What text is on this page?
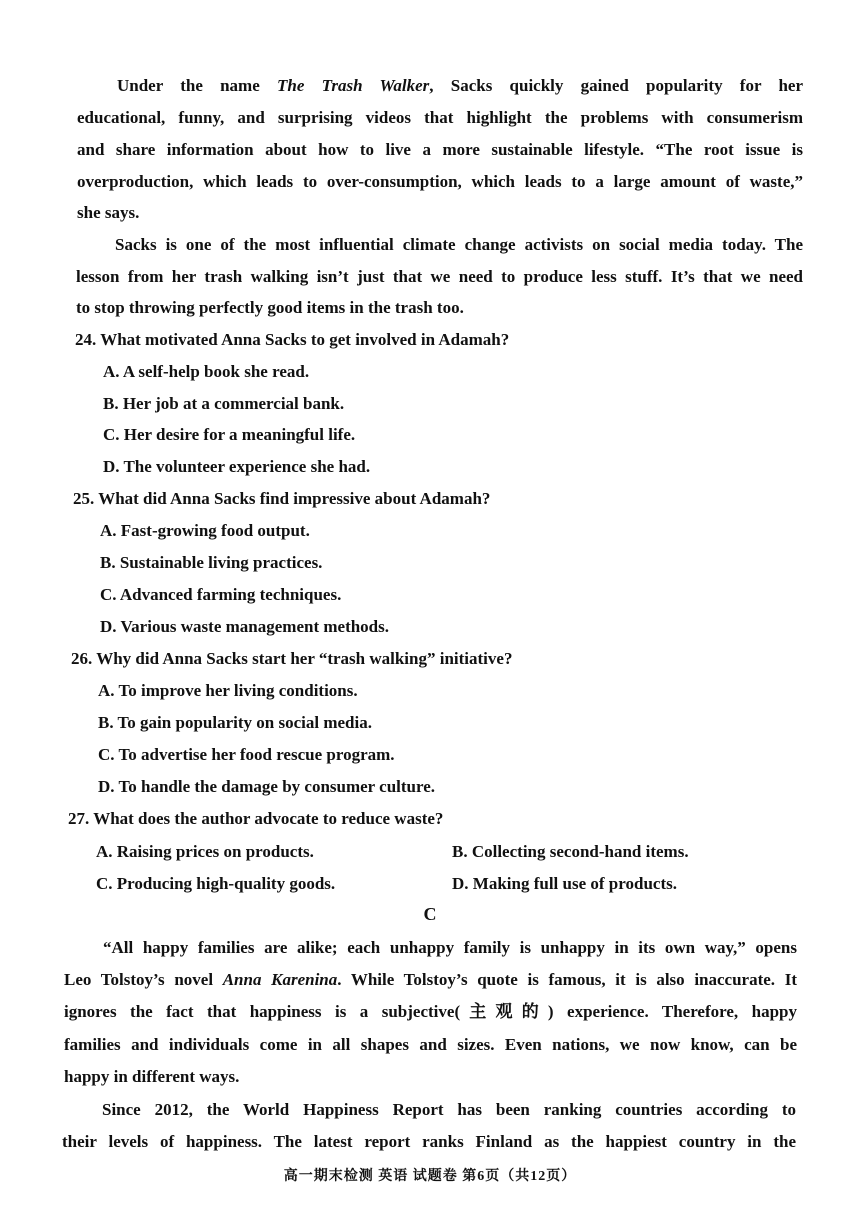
Under the name The Trash Walker, Sacks quickly gained popularity for her
educational, funny, and surprising videos that highlight the problems with consumerism
and share information about how to live a more sustainable lifestyle. “The root issue is
overproduction, which leads to over-consumption, which leads to a large amount of waste,”
she says.
Sacks is one of the most influential climate change activists on social media today. The
lesson from her trash walking isn’t just that we need to produce less stuff. It’s that we need
to stop throwing perfectly good items in the trash too.
24. What motivated Anna Sacks to get involved in Adamah?
A. A self-help book she read.
B. Her job at a commercial bank.
C. Her desire for a meaningful life.
D. The volunteer experience she had.
25. What did Anna Sacks find impressive about Adamah?
A. Fast-growing food output.
B. Sustainable living practices.
C. Advanced farming techniques.
D. Various waste management methods.
26. Why did Anna Sacks start her “trash walking” initiative?
A. To improve her living conditions.
B. To gain popularity on social media.
C. To advertise her food rescue program.
D. To handle the damage by consumer culture.
27. What does the author advocate to reduce waste?
A. Raising prices on products.	B. Collecting second-hand items.
C. Producing high-quality goods.	D. Making full use of products.
C
“All happy families are alike; each unhappy family is unhappy in its own way,” opens
Leo Tolstoy’s novel Anna Karenina. While Tolstoy’s quote is famous, it is also inaccurate. It
ignores the fact that happiness is a subjective(主观的) experience. Therefore, happy
families and individuals come in all shapes and sizes. Even nations, we now know, can be
happy in different ways.
Since 2012, the World Happiness Report has been ranking countries according to
their levels of happiness. The latest report ranks Finland as the happiest country in the
高一期末检测 英语 试题卷 第6页（共12页）
